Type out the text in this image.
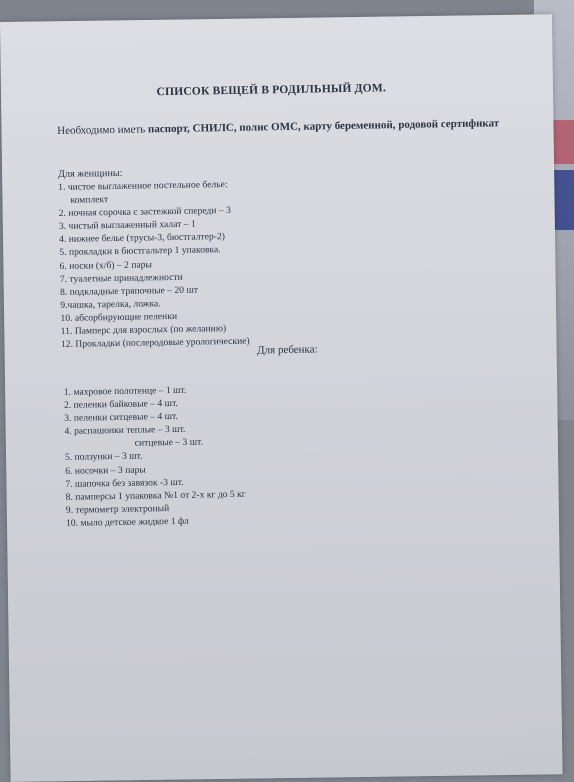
СПИСОК ВЕЩЕЙ В РОДИЛЬНЫЙ ДОМ.
Необходимо иметь паспорт, СНИЛС, полис ОМС, карту беременной, родовой сертификат
Для женщины:
1. чистое выглаженное постельное белье:
комплект
2. ночная сорочка с застежкой спереди – 3
3. чистый выглаженный халат – 1
4. нижнее белье (трусы-3, бюстгалтер-2)
5. прокладки в бюстгальтер 1 упаковка.
6. носки (х/б) – 2 пары
7. туалетные принадлежности
8. подкладные тряпочные – 20 шт
9.чашка, тарелка, ложка.
10. абсорбирующие пеленки
11. Памперс для взрослых (по желанию)
12. Прокладки (послеродовые урологические) Для ребенка:
1. махровое полотенце – 1 шт.
2. пеленки байковые – 4 шт.
3. пеленки ситцевые – 4 шт.
4. распашонки теплые – 3 шт.
ситцевые – 3 шт.
5. ползунки – 3 шт.
6. носочки – 3 пары
7. шапочка без завязок -3 шт.
8. памперсы 1 упаковка №1 от 2-х кг до 5 кг
9. термометр электроный
10. мыло детское жидкое 1 фл
